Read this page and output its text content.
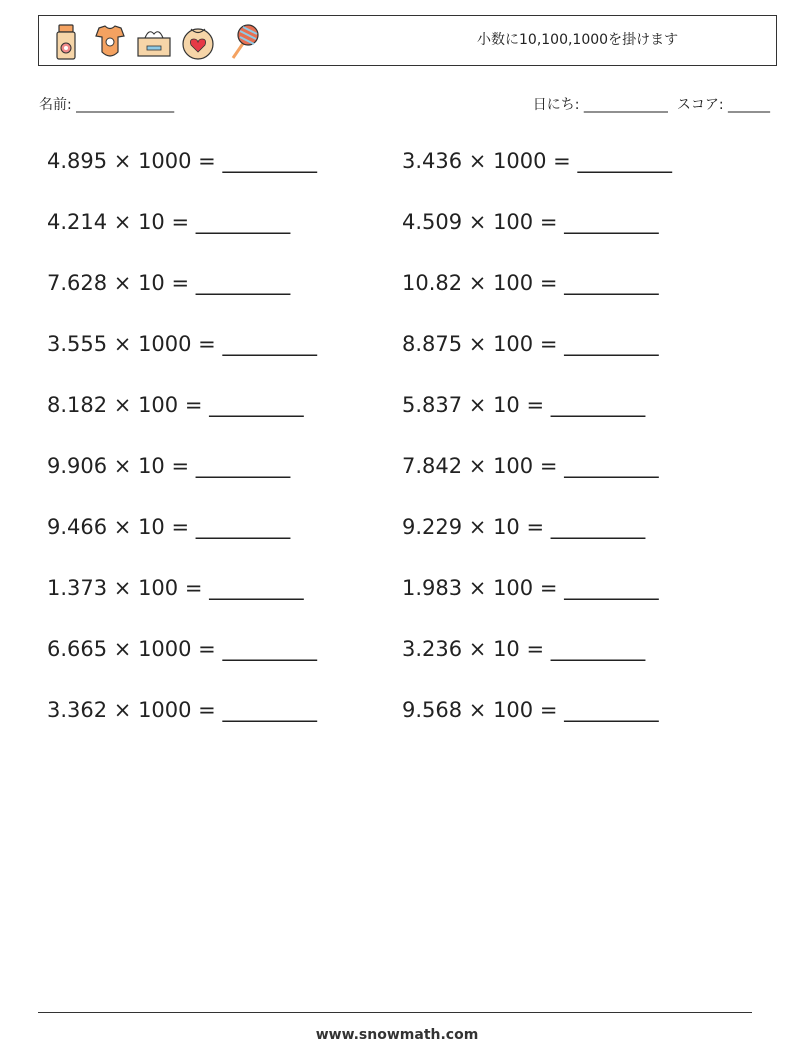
小数に10,100,1000を掛けます
名前: ______________	日にち: ____________ スコア: ______
4.895 × 1000 = _________
4.214 × 10 = _________
7.628 × 10 = _________
3.555 × 1000 = _________
8.182 × 100 = _________
9.906 × 10 = _________
9.466 × 10 = _________
1.373 × 100 = _________
6.665 × 1000 = _________
3.362 × 1000 = _________
3.436 × 1000 = _________
4.509 × 100 = _________
10.82 × 100 = _________
8.875 × 100 = _________
5.837 × 10 = _________
7.842 × 100 = _________
9.229 × 10 = _________
1.983 × 100 = _________
3.236 × 10 = _________
9.568 × 100 = _________
www.snowmath.com
